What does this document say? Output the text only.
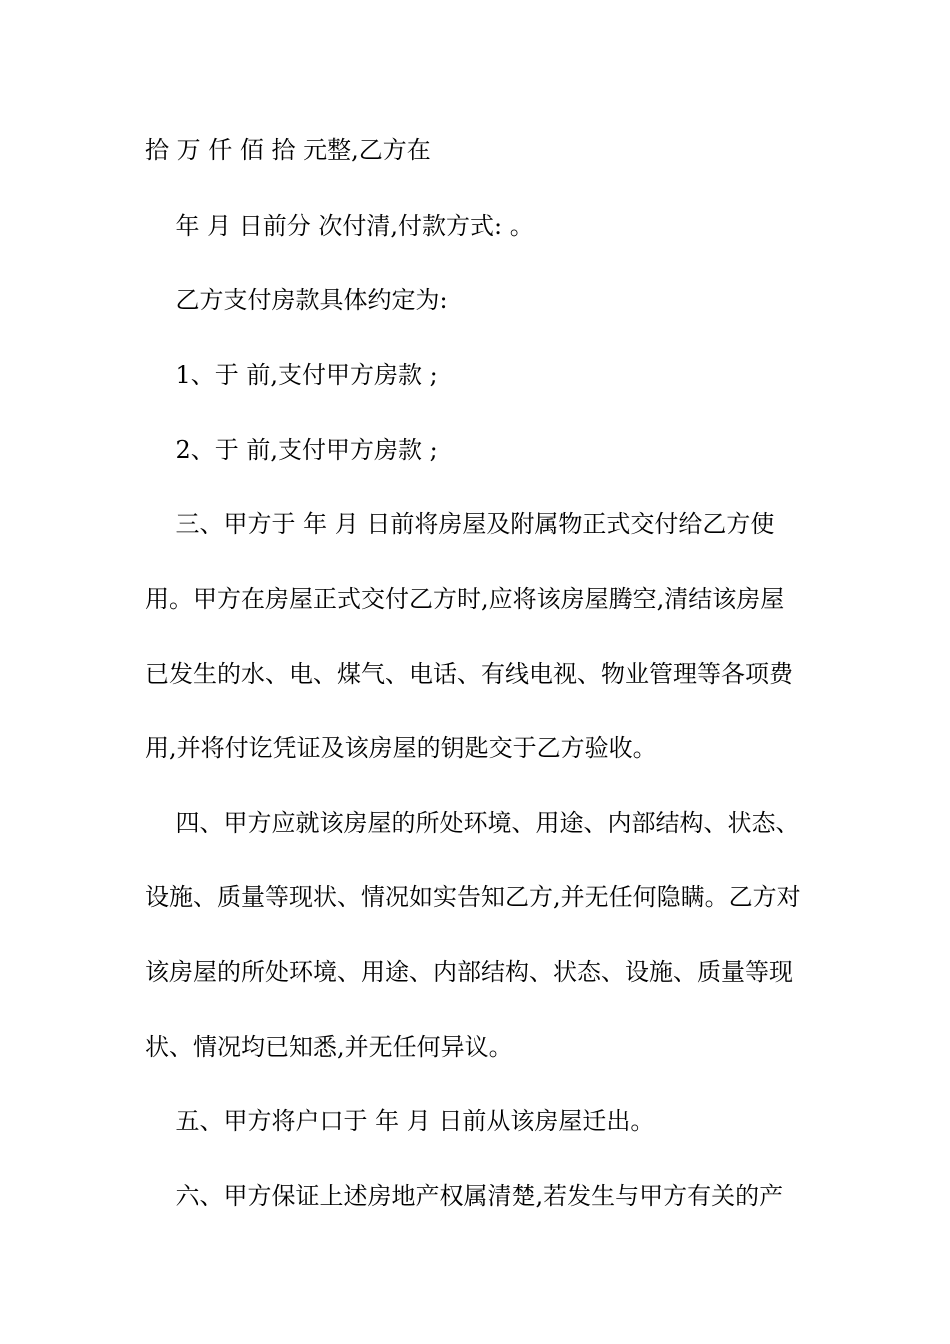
拾 万 仟 佰 拾 元整,乙方在
年 月 日前分 次付清,付款方式: 。
乙方支付房款具体约定为:
1、于 前,支付甲方房款 ;
2、于 前,支付甲方房款 ;
三、甲方于 年 月 日前将房屋及附属物正式交付给乙方使
用。甲方在房屋正式交付乙方时,应将该房屋腾空,清结该房屋
已发生的水、电、煤气、电话、有线电视、物业管理等各项费
用,并将付讫凭证及该房屋的钥匙交于乙方验收。
四、甲方应就该房屋的所处环境、用途、内部结构、状态、
设施、质量等现状、情况如实告知乙方,并无任何隐瞒。乙方对
该房屋的所处环境、用途、内部结构、状态、设施、质量等现
状、情况均已知悉,并无任何异议。
五、甲方将户口于 年 月 日前从该房屋迁出。
六、甲方保证上述房地产权属清楚,若发生与甲方有关的产
